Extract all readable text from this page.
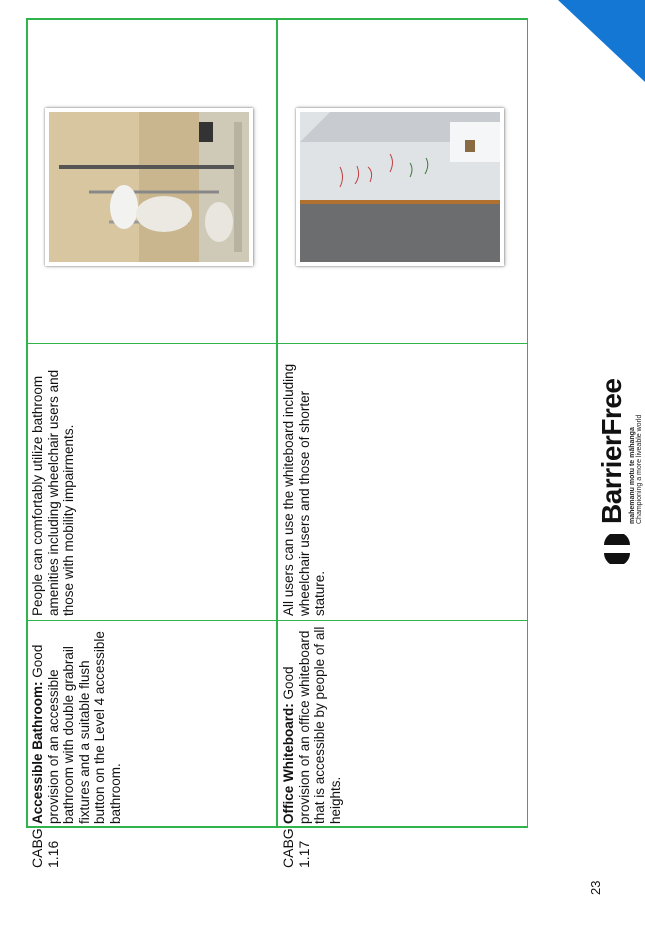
CABG 1.16
Accessible Bathroom: Good provision of an accessible bathroom with double grabrail fixtures and a suitable flush button on the Level 4 accessible bathroom.
People can comfortably utilize bathroom amenities including wheelchair users and those with mobility impairments.
CABG 1.17
Office Whiteboard: Good provision of an office whiteboard that is accessible by people of all heights.
All users can use the whiteboard including wheelchair users and those of shorter stature.
23
BarrierFree mahemanu motu te māhanga Championing a more liveable world
